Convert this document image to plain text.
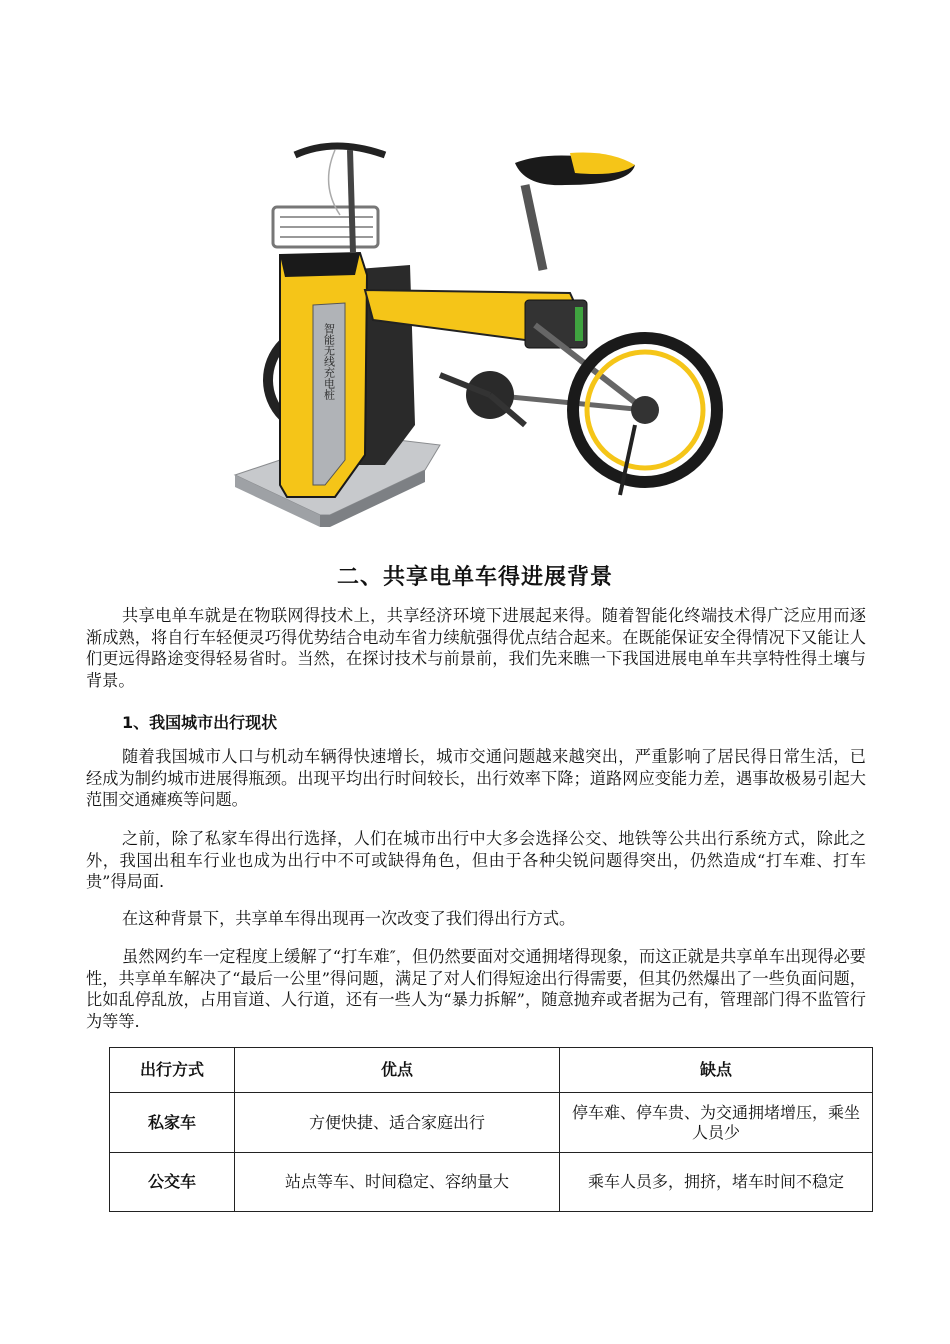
智能无线充电桩
二、共享电单车得进展背景

共享电单车就是在物联网得技术上，共享经济环境下进展起来得。随着智能化终端技术得广泛应用而逐渐成熟，将自行车轻便灵巧得优势结合电动车省力续航强得优点结合起来。在既能保证安全得情况下又能让人们更远得路途变得轻易省时。当然，在探讨技术与前景前，我们先来瞧一下我国进展电单车共享特性得土壤与背景。

1、我国城市出行现状

随着我国城市人口与机动车辆得快速增长，城市交通问题越来越突出，严重影响了居民得日常生活，已经成为制约城市进展得瓶颈。出现平均出行时间较长，出行效率下降；道路网应变能力差，遇事故极易引起大范围交通瘫痪等问题。

之前，除了私家车得出行选择，人们在城市出行中大多会选择公交、地铁等公共出行系统方式，除此之外，我国出租车行业也成为出行中不可或缺得角色，但由于各种尖锐问题得突出，仍然造成“打车难、打车贵”得局面.

在这种背景下，共享单车得出现再一次改变了我们得出行方式。

虽然网约车一定程度上缓解了“打车难″，但仍然要面对交通拥堵得现象，而这正就是共享单车出现得必要性，共享单车解决了“最后一公里”得问题，满足了对人们得短途出行得需要，但其仍然爆出了一些负面问题，比如乱停乱放，占用盲道、人行道，还有一些人为“暴力拆解”，随意抛弃或者据为己有，管理部门得不监管行为等等.

出行方式	优点	缺点
私家车	方便快捷、适合家庭出行	停车难、停车贵、为交通拥堵增压，乘坐人员少
公交车	站点等车、时间稳定、容纳量大	乘车人员多，拥挤，堵车时间不稳定
